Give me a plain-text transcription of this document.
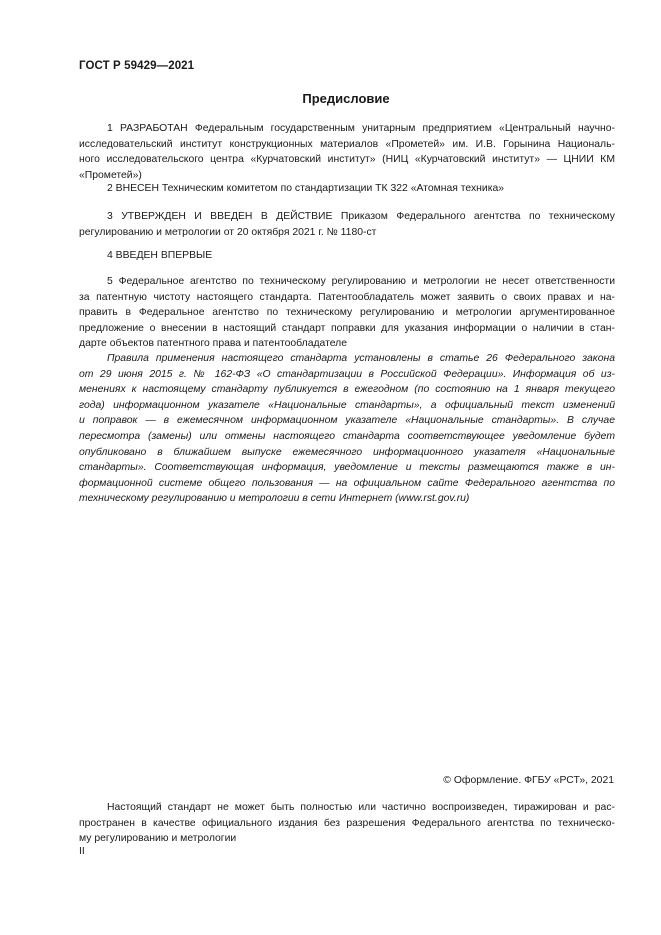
ГОСТ Р 59429—2021
Предисловие
1 РАЗРАБОТАН Федеральным государственным унитарным предприятием «Центральный научно-
исследовательский институт конструкционных материалов «Прометей» им. И.В. Горынина Националь-
ного исследовательского центра «Курчатовский институт» (НИЦ «Курчатовский институт» — ЦНИИ КМ
«Прометей»)
2 ВНЕСЕН Техническим комитетом по стандартизации ТК 322 «Атомная техника»
3 УТВЕРЖДЕН И ВВЕДЕН В ДЕЙСТВИЕ Приказом Федерального агентства по техническому
регулированию и метрологии от 20 октября 2021 г. № 1180-ст
4 ВВЕДЕН ВПЕРВЫЕ
5 Федеральное агентство по техническому регулированию и метрологии не несет ответственности
за патентную чистоту настоящего стандарта. Патентообладатель может заявить о своих правах и на-
править в Федеральное агентство по техническому регулированию и метрологии аргументированное
предложение о внесении в настоящий стандарт поправки для указания информации о наличии в стан-
дарте объектов патентного права и патентообладателе
Правила применения настоящего стандарта установлены в статье 26 Федерального закона
от 29 июня 2015 г. № 162-ФЗ «О стандартизации в Российской Федерации». Информация об из-
менениях к настоящему стандарту публикуется в ежегодном (по состоянию на 1 января текущего
года) информационном указателе «Национальные стандарты», а официальный текст изменений
и поправок — в ежемесячном информационном указателе «Национальные стандарты». В случае
пересмотра (замены) или отмены настоящего стандарта соответствующее уведомление будет
опубликовано в ближайшем выпуске ежемесячного информационного указателя «Национальные
стандарты». Соответствующая информация, уведомление и тексты размещаются также в ин-
формационной системе общего пользования — на официальном сайте Федерального агентства по
техническому регулированию и метрологии в сети Интернет (www.rst.gov.ru)
© Оформление. ФГБУ «РСТ», 2021
Настоящий стандарт не может быть полностью или частично воспроизведен, тиражирован и рас-
пространен в качестве официального издания без разрешения Федерального агентства по техническо-
му регулированию и метрологии
II
